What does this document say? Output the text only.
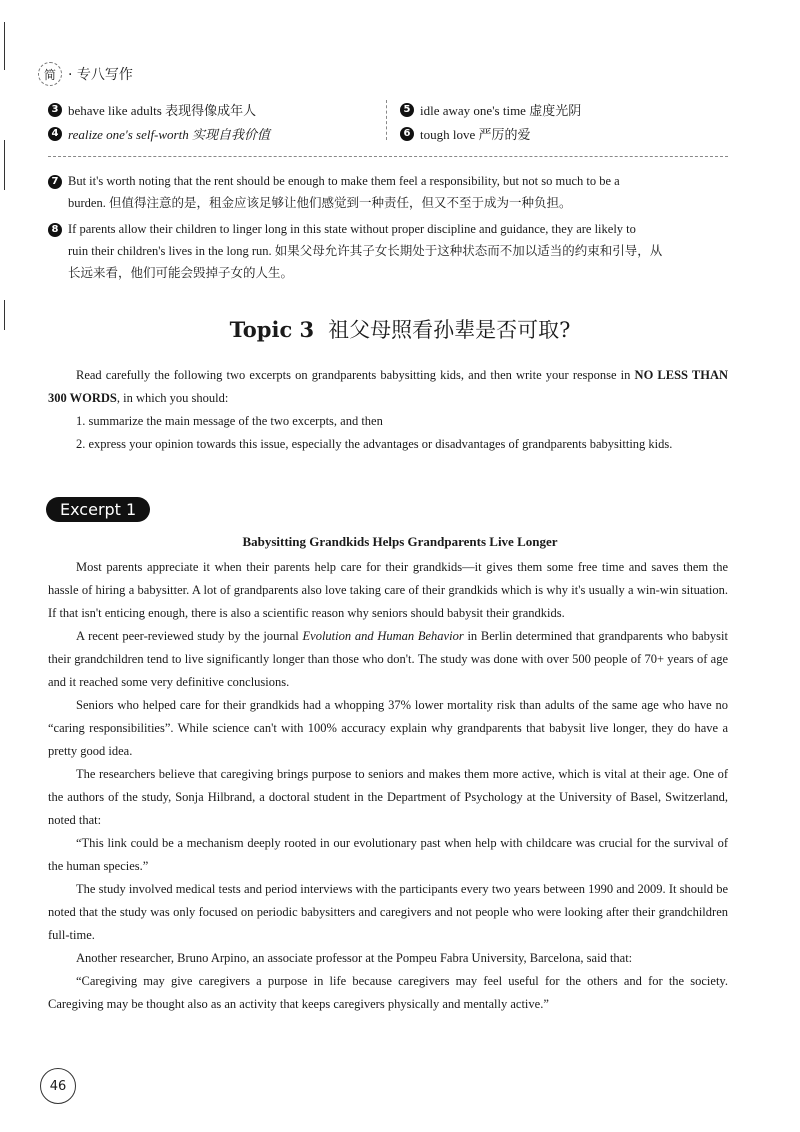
简 · 专八写作
3 behave like adults 表现得像成年人
4 realize one's self-worth 实现自我价值
5 idle away one's time 虚度光阴
6 tough love 严厉的爱
7 But it's worth noting that the rent should be enough to make them feel a responsibility, but not so much to be a
burden. 但值得注意的是，租金应该足够让他们感觉到一种责任，但又不至于成为一种负担。
8 If parents allow their children to linger long in this state without proper discipline and guidance, they are likely to
ruin their children's lives in the long run. 如果父母允许其子女长期处于这种状态而不加以适当的约束和引导，从
长远来看，他们可能会毁掉子女的人生。
Topic 3 祖父母照看孙辈是否可取?

Read carefully the following two excerpts on grandparents babysitting kids, and then write your response in NO LESS THAN 300 WORDS, in which you should:

1. summarize the main message of the two excerpts, and then

2. express your opinion towards this issue, especially the advantages or disadvantages of grandparents babysitting kids.

Excerpt 1
Babysitting Grandkids Helps Grandparents Live Longer

Most parents appreciate it when their parents help care for their grandkids—it gives them some free time and saves them the hassle of hiring a babysitter. A lot of grandparents also love taking care of their grandkids which is why it's usually a win-win situation. If that isn't enticing enough, there is also a scientific reason why seniors should babysit their grandkids.

A recent peer-reviewed study by the journal Evolution and Human Behavior in Berlin determined that grandparents who babysit their grandchildren tend to live significantly longer than those who don't. The study was done with over 500 people of 70+ years of age and it reached some very definitive conclusions.

Seniors who helped care for their grandkids had a whopping 37% lower mortality risk than adults of the same age who have no “caring responsibilities”. While science can't with 100% accuracy explain why grandparents that babysit live longer, they do have a pretty good idea.

The researchers believe that caregiving brings purpose to seniors and makes them more active, which is vital at their age. One of the authors of the study, Sonja Hilbrand, a doctoral student in the Department of Psychology at the University of Basel, Switzerland, noted that:

“This link could be a mechanism deeply rooted in our evolutionary past when help with childcare was crucial for the survival of the human species.”

The study involved medical tests and period interviews with the participants every two years between 1990 and 2009. It should be noted that the study was only focused on periodic babysitters and caregivers and not people who were looking after their grandchildren full-time.

Another researcher, Bruno Arpino, an associate professor at the Pompeu Fabra University, Barcelona, said that:

“Caregiving may give caregivers a purpose in life because caregivers may feel useful for the others and for the society. Caregiving may be thought also as an activity that keeps caregivers physically and mentally active.”

46
